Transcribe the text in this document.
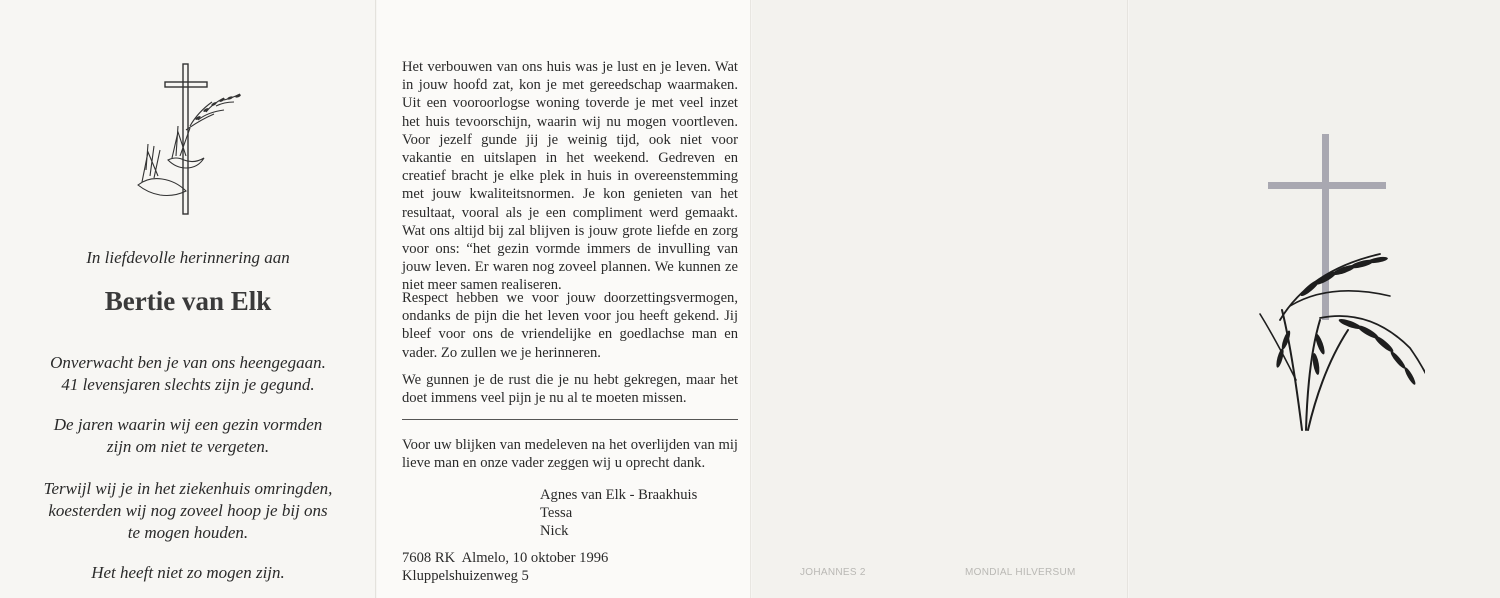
In liefdevolle herinnering aan
Bertie van Elk
Onverwacht ben je van ons heengegaan.
41 levensjaren slechts zijn je gegund.
De jaren waarin wij een gezin vormden
zijn om niet te vergeten.
Terwijl wij je in het ziekenhuis omringden,
koesterden wij nog zoveel hoop je bij ons
te mogen houden.
Het heeft niet zo mogen zijn.
Het verbouwen van ons huis was je lust en je leven. Wat in jouw hoofd zat, kon je met gereedschap waarmaken. Uit een vooroorlogse woning toverde je met veel inzet het huis tevoorschijn, waarin wij nu mogen voortleven. Voor jezelf gunde jij je weinig tijd, ook niet voor vakantie en uitslapen in het weekend. Gedreven en creatief bracht je elke plek in huis in overeenstemming met jouw kwaliteitsnormen. Je kon genieten van het resultaat, vooral als je een compliment werd gemaakt. Wat ons altijd bij zal blijven is jouw grote liefde en zorg voor ons: “het gezin vormde immers de invulling van jouw leven. Er waren nog zoveel plannen. We kunnen ze niet meer samen realiseren.
Respect hebben we voor jouw doorzettingsvermogen, ondanks de pijn die het leven voor jou heeft gekend. Jij bleef voor ons de vriendelijke en goedlachse man en vader. Zo zullen we je herinneren.
We gunnen je de rust die je nu hebt gekregen, maar het doet immens veel pijn je nu al te moeten missen.
Voor uw blijken van medeleven na het overlijden van mij lieve man en onze vader zeggen wij u oprecht dank.
Agnes van Elk - Braakhuis
Tessa
Nick
7608 RK  Almelo, 10 oktober 1996
Kluppelshuizenweg 5	JOHANNES 2	MONDIAL HILVERSUM
